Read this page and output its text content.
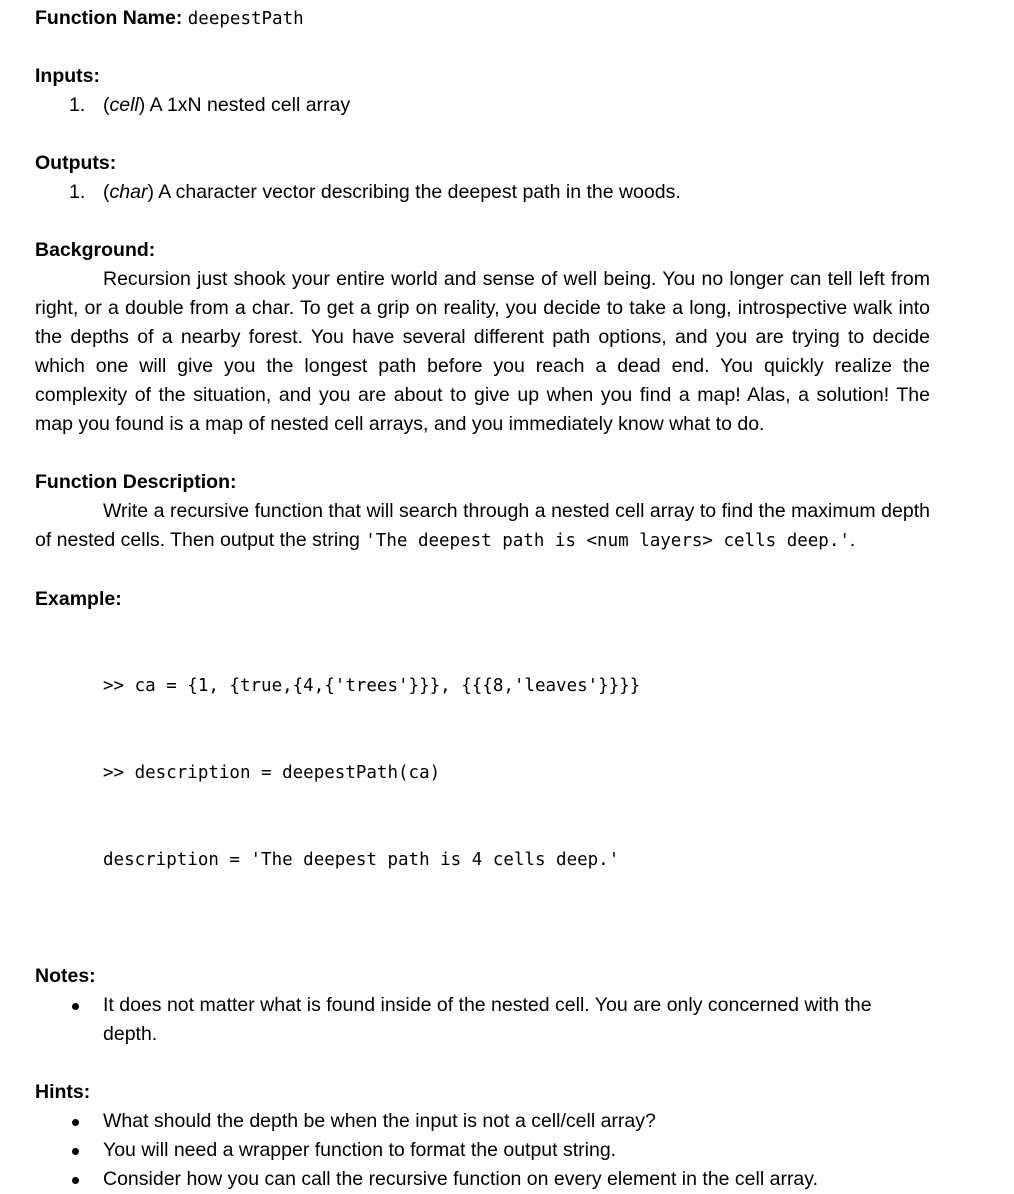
Function Name: deepestPath
Inputs:
1. (cell) A 1xN nested cell array
Outputs:
1. (char) A character vector describing the deepest path in the woods.
Background:

Recursion just shook your entire world and sense of well being. You no longer can tell left from right, or a double from a char. To get a grip on reality, you decide to take a long, introspective walk into the depths of a nearby forest. You have several different path options, and you are trying to decide which one will give you the longest path before you reach a dead end. You quickly realize the complexity of the situation, and you are about to give up when you find a map! Alas, a solution! The map you found is a map of nested cell arrays, and you immediately know what to do.

Function Description:

Write a recursive function that will search through a nested cell array to find the maximum depth of nested cells. Then output the string 'The deepest path is <num layers> cells deep.'.

Example:

>> ca = {1, {true,{4,{'trees'}}}, {{{8,'leaves'}}}}

>> description = deepestPath(ca)

description = 'The deepest path is 4 cells deep.'

Notes:
It does not matter what is found inside of the nested cell. You are only concerned with the depth.
Hints:
What should the depth be when the input is not a cell/cell array?
You will need a wrapper function to format the output string.
Consider how you can call the recursive function on every element in the cell array.
